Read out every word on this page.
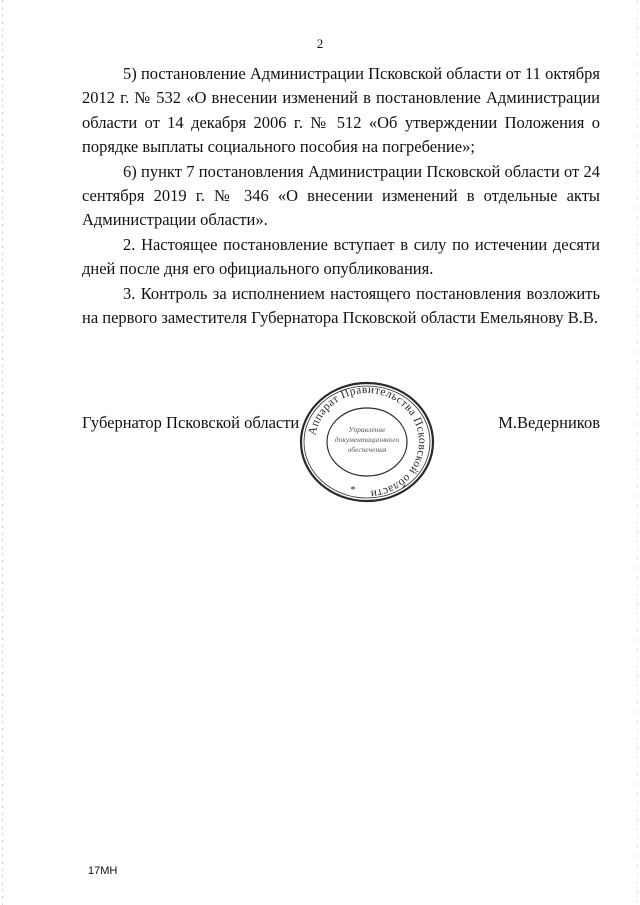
2

5) постановление Администрации Псковской области от 11 октября 2012 г. № 532 «О внесении изменений в постановление Администрации области от 14 декабря 2006 г. № 512 «Об утверждении Положения о порядке выплаты социального пособия на погребение»;

6) пункт 7 постановления Администрации Псковской области от 24 сентября 2019 г. № 346 «О внесении изменений в отдельные акты Администрации области».

2. Настоящее постановление вступает в силу по истечении десяти дней после дня его официального опубликования.

3. Контроль за исполнением настоящего постановления возложить на первого заместителя Губернатора Псковской области Емельянову В.В.

Губернатор Псковской области	М.Ведерников
Аппарат Правительства Псковской области
Управление
документационного
обеспечения
*
17МН
